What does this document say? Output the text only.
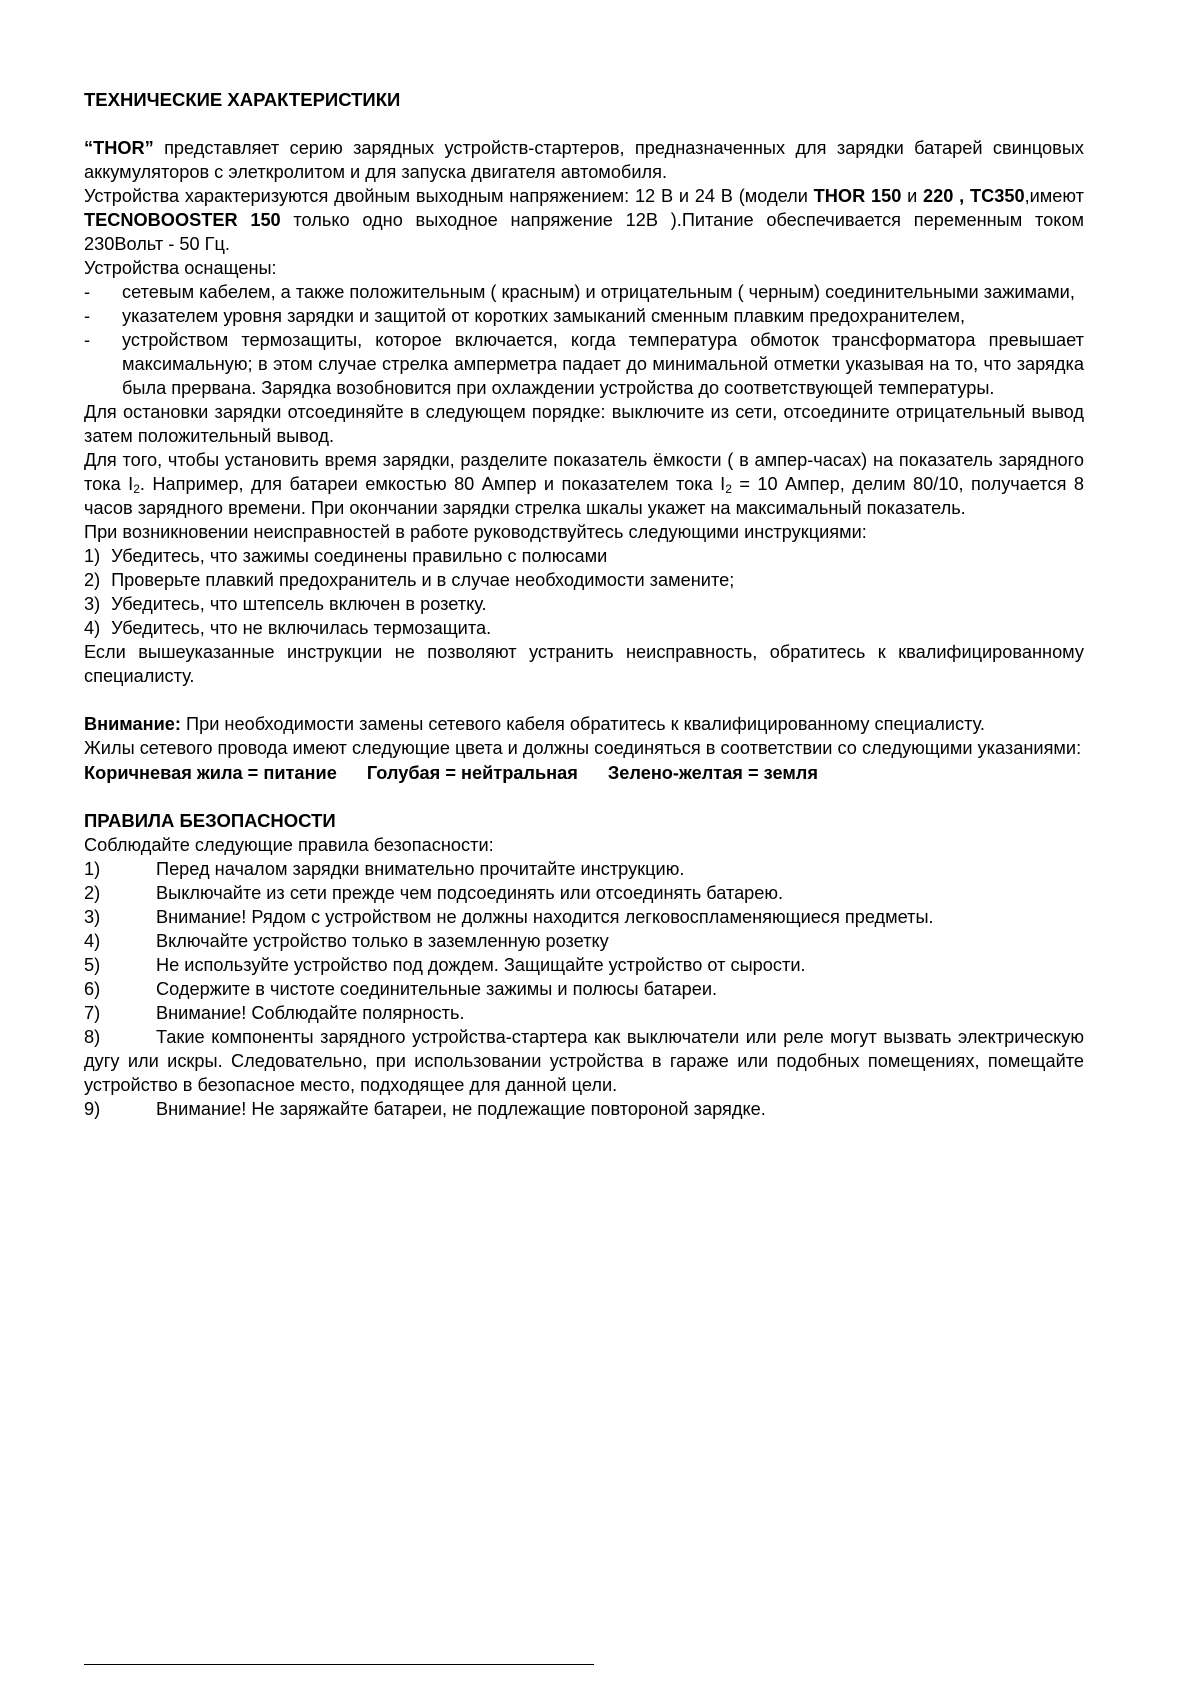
ТЕХНИЧЕСКИЕ ХАРАКТЕРИСТИКИ

“THOR” представляет серию зарядных устройств-стартеров, предназначенных для зарядки батарей свинцовых аккумуляторов с элеткролитом и для запуска двигателя автомобиля.

Устройства характеризуются двойным выходным напряжением: 12 В и 24 В (модели THOR 150 и 220 , TC350,имеют TECNOBOOSTER 150 только одно выходное напряжение 12В ).Питание обеспечивается переменным током 230Вольт - 50 Гц.

Устройства оснащены:

- сетевым кабелем, а также положительным ( красным) и отрицательным ( черным) соединительными зажимами,
- указателем уровня зарядки и защитой от коротких замыканий сменным плавким предохранителем,
- устройством термозащиты, которое включается, когда температура обмоток трансформатора превышает максимальную; в этом случае стрелка амперметра падает до минимальной отметки указывая на то, что зарядка была прервана. Зарядка возобновится при охлаждении устройства до соответствующей температуры.

Для остановки зарядки отсоединяйте в следующем порядке: выключите из сети, отсоедините отрицательный вывод затем положительный вывод.

Для того, чтобы установить время зарядки, разделите показатель ёмкости ( в ампер-часах) на показатель зарядного тока $I_2$. Например, для батареи емкостью 80 Ампер и показателем тока $I_2 = 10$ Ампер, делим 80/10, получается 8 часов зарядного времени. При окончании зарядки стрелка шкалы укажет на максимальный показатель.

При возникновении неисправностей в работе руководствуйтесь следующими инструкциями:

1) Убедитесь, что зажимы соединены правильно с полюсами
2) Проверьте плавкий предохранитель и в случае необходимости замените;
3) Убедитесь, что штепсель включен в розетку.
4) Убедитесь, что не включилась термозащита.

Если вышеуказанные инструкции не позволяют устранить неисправность, обратитесь к квалифицированному специалисту.

Внимание: При необходимости замены сетевого кабеля обратитесь к квалифицированному специалисту.

Жилы сетевого провода имеют следующие цвета и должны соединяться в соответствии со следующими указаниями:

Коричневая жила = питание Голубая = нейтральная Зелено-желтая = земля
ПРАВИЛА БЕЗОПАСНОСТИ

Соблюдайте следующие правила безопасности:

1)	Перед началом зарядки внимательно прочитайте инструкцию.
2)	Выключайте из сети прежде чем подсоединять или отсоединять батарею.
3)	Внимание! Рядом с устройством не должны находится легковоспламеняющиеся предметы.
4)	Включайте устройство только в заземленную розетку
5)	Не используйте устройство под дождем. Защищайте устройство от сырости.
6)	Содержите в чистоте соединительные зажимы и полюсы батареи.
7)	Внимание! Соблюдайте полярность.
8)	Такие компоненты зарядного устройства-стартера как выключатели или реле могут вызвать электрическую дугу или искры. Следовательно, при использовании устройства в гараже или подобных помещениях, помещайте устройство в безопасное место, подходящее для данной цели.
9)	Внимание! Не заряжайте батареи, не подлежащие повтороной зарядке.
